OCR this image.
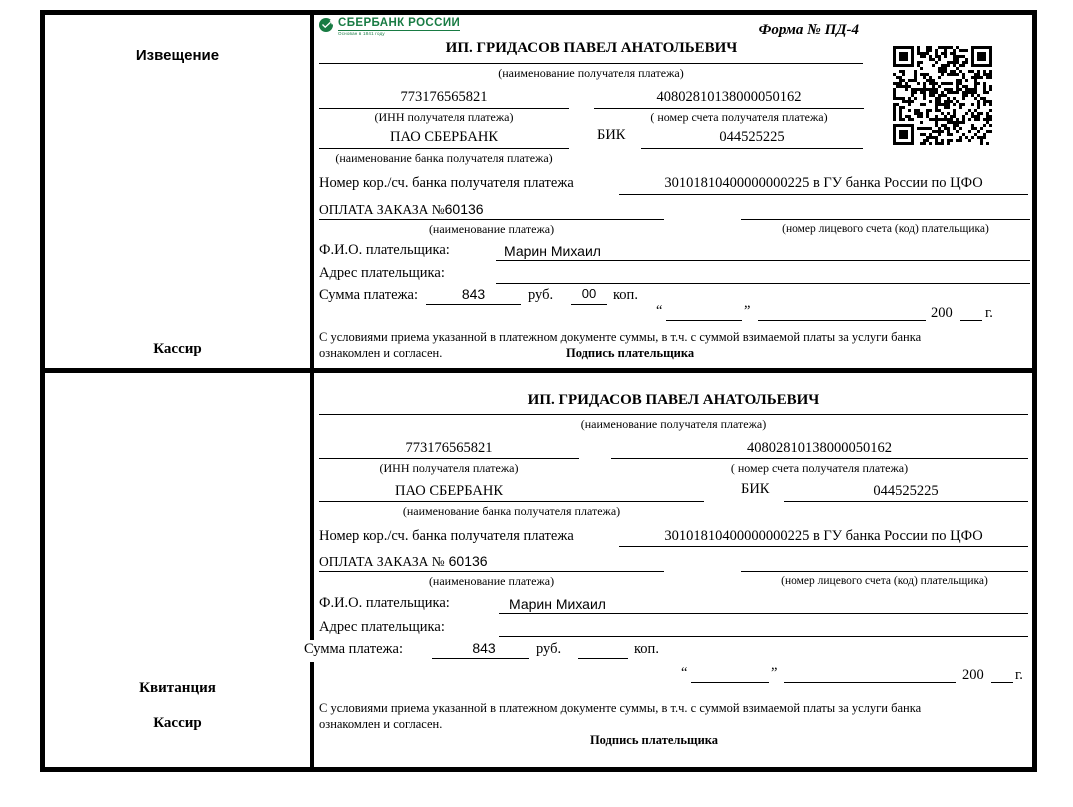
Извещение
Кассир
СБЕРБАНК РОССИИ
Основан в 1841 году	Форма № ПД-4
ИП. ГРИДАСОВ ПАВЕЛ АНАТОЛЬЕВИЧ
(наименование получателя платежа)
773176565821	40802810138000050162
(ИНН получателя платежа)	( номер счета получателя платежа)
ПАО СБЕРБАНК	БИК	044525225
(наименование банка получателя платежа)
Номер кор./сч. банка получателя платежа	30101810400000000225 в ГУ банка России по ЦФО
ОПЛАТА ЗАКАЗА №60136
(наименование платежа)	(номер лицевого счета (код) плательщика)
Ф.И.О. плательщика:	Марин Михаил
Адрес плательщика:
Сумма платежа:	843	руб.	00	коп.
“	”	200 г.
С условиями приема указанной в платежном документе суммы, в т.ч. с суммой взимаемой платы за услуги банка
ознакомлен и согласен.	Подпись плательщика
Квитанция
Кассир
ИП. ГРИДАСОВ ПАВЕЛ АНАТОЛЬЕВИЧ
(наименование получателя платежа)
773176565821	40802810138000050162
(ИНН получателя платежа)	( номер счета получателя платежа)
ПАО СБЕРБАНК	БИК	044525225
(наименование банка получателя платежа)
Номер кор./сч. банка получателя платежа	30101810400000000225 в ГУ банка России по ЦФО
ОПЛАТА ЗАКАЗА № 60136
(наименование платежа)	(номер лицевого счета (код) плательщика)
Ф.И.О. плательщика:	Марин Михаил
Адрес плательщика:
Сумма платежа:	843	руб.	коп.
“	”	200 г.
С условиями приема указанной в платежном документе суммы, в т.ч. с суммой взимаемой платы за услуги банка
ознакомлен и согласен.
Подпись плательщика
